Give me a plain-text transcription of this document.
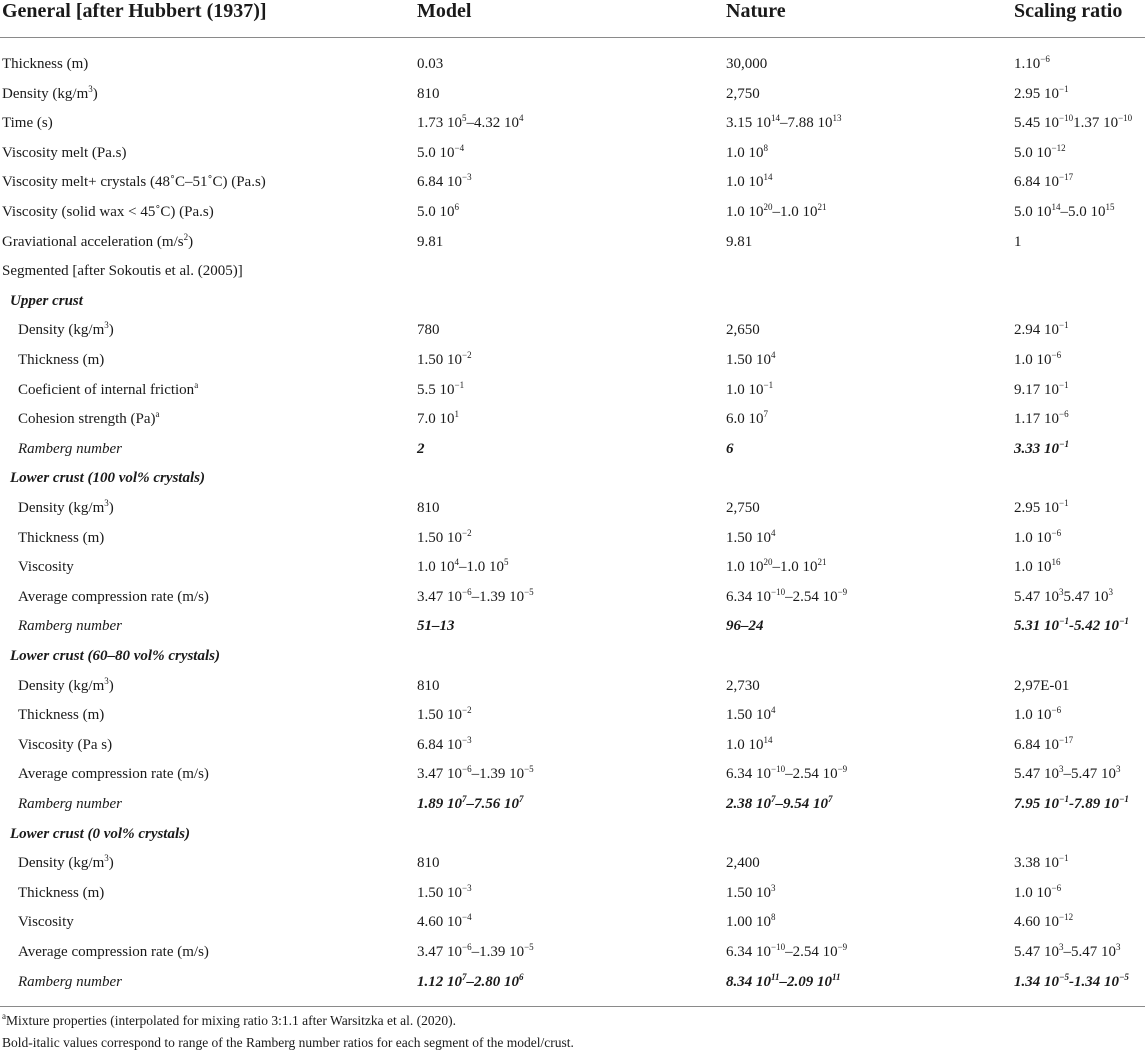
General [after Hubbert (1937)]	Model	Nature	Scaling ratio
Thickness (m)	0.03	30,000	$1.10^{-6}$
Density $(kg/m^3)$	810	2,750	2.95 $10^{-1}$
Time (s)	1.73 $10^5-4.32$ $10^4$	3.15 $10^{14}-7.88$ $10^{13}$	5.45 $10^{-10}1.37$ $10^{-10}$
Viscosity melt (Pa.s)	5.0 $10^{-4}$	1.0 $10^8$	5.0 $10^{-12}$
Viscosity melt+ crystals (48˚C–51˚C) (Pa.s)	6.84 $10^{-3}$	1.0 $10^{14}$	6.84 $10^{-17}$
Viscosity (solid wax < 45˚C) (Pa.s)	5.0 $10^6$	1.0 $10^{20}-1.0$ $10^{21}$	5.0 $10^{14}-5.0$ $10^{15}$
Graviational acceleration $(m/s^2)$	9.81	9.81	1
Segmented [after Sokoutis et al. (2005)]
Upper crust
Density $(kg/m^3)$	780	2,650	2.94 $10^{-1}$
Thickness (m)	1.50 $10^{-2}$	1.50 $10^4$	1.0 $10^{-6}$
Coeficient of internal friction$^a$	5.5 $10^{-1}$	1.0 $10^{-1}$	9.17 $10^{-1}$
Cohesion strength $(Pa)^a$	7.0 $10^1$	6.0 $10^7$	1.17 $10^{-6}$
Ramberg number	2	6	3.33 $10^{-1}$
Lower crust (100 vol% crystals)
Density $(kg/m^3)$	810	2,750	2.95 $10^{-1}$
Thickness (m)	1.50 $10^{-2}$	1.50 $10^4$	1.0 $10^{-6}$
Viscosity	1.0 $10^4-1.0$ $10^5$	1.0 $10^{20}-1.0$ $10^{21}$	1.0 $10^{16}$
Average compression rate (m/s)	3.47 $10^{-6}-1.39$ $10^{-5}$	6.34 $10^{-10}-2.54$ $10^{-9}$	5.47 $10^35.47$ $10^3$
Ramberg number	51–13	96–24	5.31 $10^{-1}-5.42$ $10^{-1}$
Lower crust (60–80 vol% crystals)
Density $(kg/m^3)$	810	2,730	2,97E-01
Thickness (m)	1.50 $10^{-2}$	1.50 $10^4$	1.0 $10^{-6}$
Viscosity (Pa s)	6.84 $10^{-3}$	1.0 $10^{14}$	6.84 $10^{-17}$
Average compression rate (m/s)	3.47 $10^{-6}-1.39$ $10^{-5}$	6.34 $10^{-10}-2.54$ $10^{-9}$	5.47 $10^3-5.47$ $10^3$
Ramberg number	1.89 $10^7-7.56$ $10^7$	2.38 $10^7-9.54$ $10^7$	7.95 $10^{-1}-7.89$ $10^{-1}$
Lower crust (0 vol% crystals)
Density $(kg/m^3)$	810	2,400	3.38 $10^{-1}$
Thickness (m)	1.50 $10^{-3}$	1.50 $10^3$	1.0 $10^{-6}$
Viscosity	4.60 $10^{-4}$	1.00 $10^8$	4.60 $10^{-12}$
Average compression rate (m/s)	3.47 $10^{-6}-1.39$ $10^{-5}$	6.34 $10^{-10}-2.54$ $10^{-9}$	5.47 $10^3-5.47$ $10^3$
Ramberg number	1.12 $10^7-2.80$ $10^6$	8.34 $10^{11}-2.09$ $10^{11}$	1.34 $10^{-5}-1.34$ $10^{-5}$
$^a$Mixture properties (interpolated for mixing ratio 3:1.1 after Warsitzka et al. (2020).
Bold-italic values correspond to range of the Ramberg number ratios for each segment of the model/crust.
